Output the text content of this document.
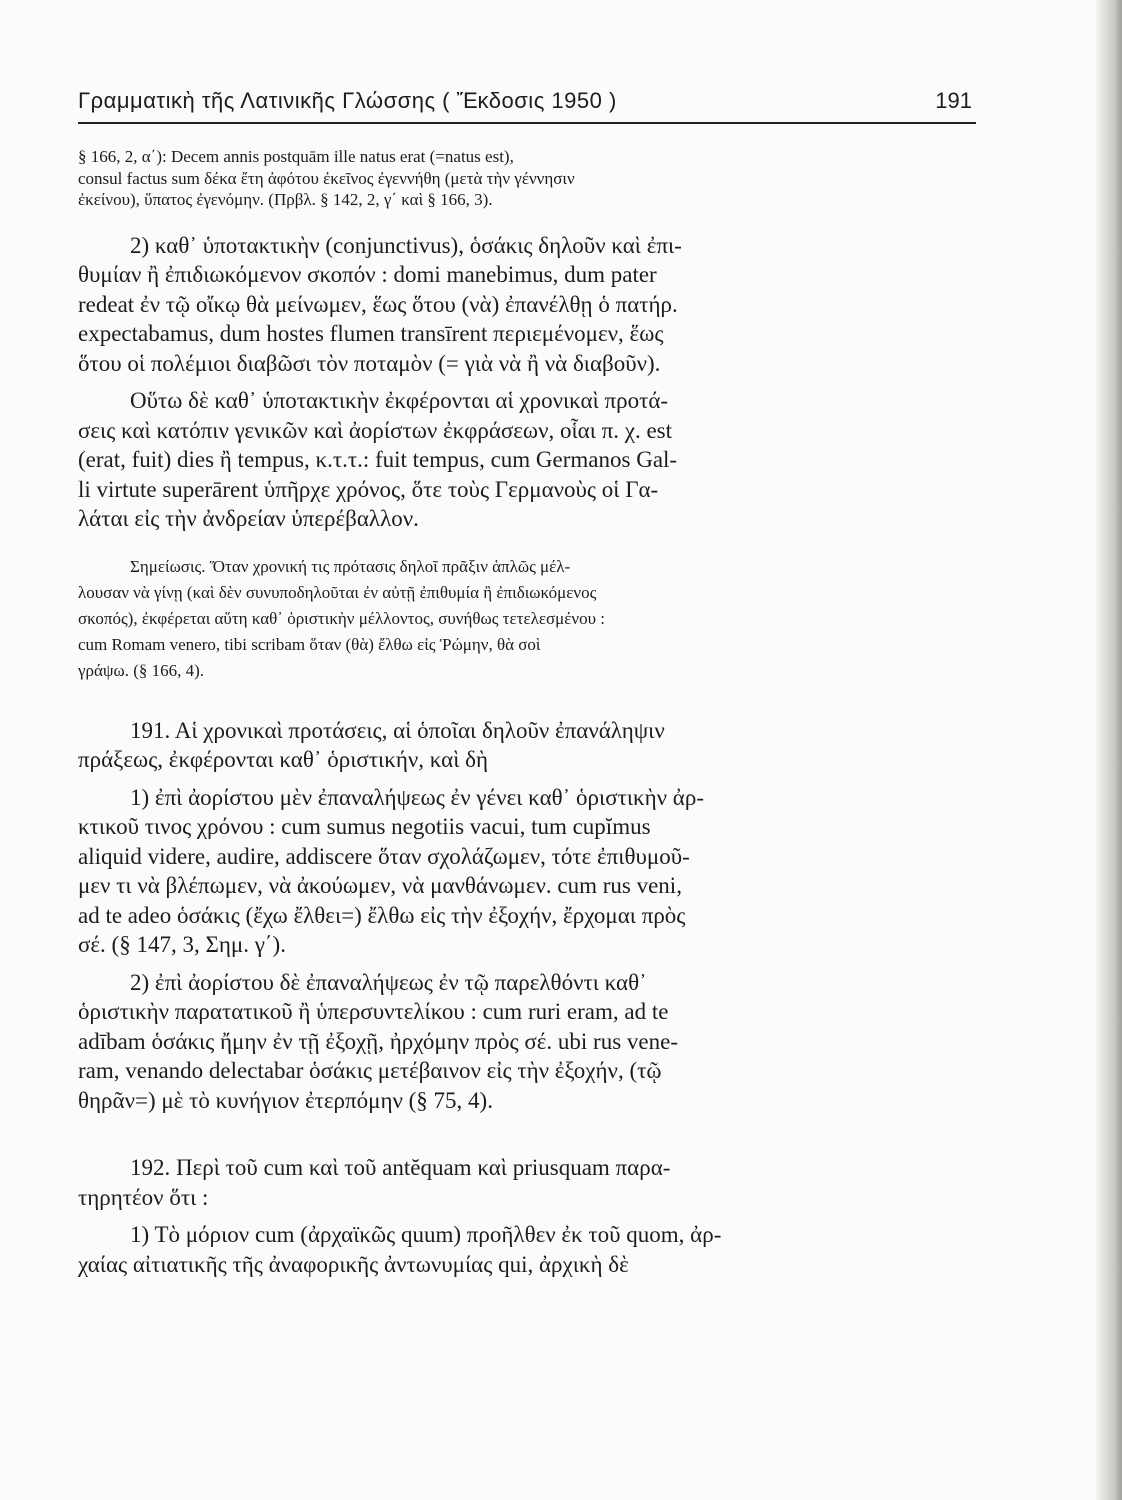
Γραμματικὴ τῆς Λατινικῆς Γλώσσης ( Ἔκδοσις 1950 )	191
§ 166, 2, α΄): Decem annis postquām ille natus erat (=natus est),
consul factus sum δέκα ἔτη ἀφότου ἐκεῖνος ἐγεννήθη (μετὰ τὴν γέννησιν
ἐκείνου), ὕπατος ἐγενόμην. (Πρβλ. § 142, 2, γ΄ καὶ § 166, 3).
2) καθ᾽ ὑποτακτικὴν (conjunctivus), ὁσάκις δηλοῦν καὶ ἐπι-
θυμίαν ἢ ἐπιδιωκόμενον σκοπόν : domi manebimus, dum pater
redeat ἐν τῷ οἴκῳ θὰ μείνωμεν, ἕως ὅτου (νὰ) ἐπανέλθῃ ὁ πατήρ.
expectabamus, dum hostes flumen transīrent περιεμένομεν, ἕως
ὅτου οἱ πολέμιοι διαβῶσι τὸν ποταμὸν (= γιὰ νὰ ἢ νὰ διαβοῦν).
Οὕτω δὲ καθ᾽ ὑποτακτικὴν ἐκφέρονται αἱ χρονικαὶ προτά-
σεις καὶ κατόπιν γενικῶν καὶ ἀορίστων ἐκφράσεων, οἷαι π. χ. est
(erat, fuit) dies ἢ tempus, κ.τ.τ.: fuit tempus, cum Germanos Gal-
li virtute superārent ὑπῆρχε χρόνος, ὅτε τοὺς Γερμανοὺς οἱ Γα-
λάται εἰς τὴν ἀνδρείαν ὑπερέβαλλον.
Σημείωσις. Ὅταν χρονική τις πρότασις δηλοῖ πρᾶξιν ἁπλῶς μέλ-
λουσαν νὰ γίνῃ (καὶ δὲν συνυποδηλοῦται ἐν αὐτῇ ἐπιθυμία ἢ ἐπιδιωκόμενος
σκοπός), ἐκφέρεται αὕτη καθ᾽ ὁριστικὴν μέλλοντος, συνήθως τετελεσμένου :
cum Romam venero, tibi scribam ὅταν (θὰ) ἔλθω εἰς Ῥώμην, θὰ σοὶ
γράψω. (§ 166, 4).
191. Αἱ χρονικαὶ προτάσεις, αἱ ὁποῖαι δηλοῦν ἐπανάληψιν
πράξεως, ἐκφέρονται καθ᾽ ὁριστικήν, καὶ δὴ
1) ἐπὶ ἀορίστου μὲν ἐπαναλήψεως ἐν γένει καθ᾽ ὁριστικὴν ἀρ-
κτικοῦ τινος χρόνου : cum sumus negotiis vacui, tum cupĭmus
aliquid videre, audire, addiscere ὅταν σχολάζωμεν, τότε ἐπιθυμοῦ-
μεν τι νὰ βλέπωμεν, νὰ ἀκούωμεν, νὰ μανθάνωμεν. cum rus veni,
ad te adeo ὁσάκις (ἔχω ἔλθει=) ἔλθω εἰς τὴν ἐξοχήν, ἔρχομαι πρὸς
σέ. (§ 147, 3, Σημ. γ΄).
2) ἐπὶ ἀορίστου δὲ ἐπαναλήψεως ἐν τῷ παρελθόντι καθ᾽
ὁριστικὴν παρατατικοῦ ἢ ὑπερσυντελίκου : cum ruri eram, ad te
adībam ὁσάκις ἤμην ἐν τῇ ἐξοχῇ, ἠρχόμην πρὸς σέ. ubi rus vene-
ram, venando delectabar ὁσάκις μετέβαινον εἰς τὴν ἐξοχήν, (τῷ
θηρᾶν=) μὲ τὸ κυνήγιον ἐτερπόμην (§ 75, 4).
192. Περὶ τοῦ cum καὶ τοῦ antĕquam καὶ priusquam παρα-
τηρητέον ὅτι :
1) Τὸ μόριον cum (ἀρχαϊκῶς quum) προῆλθεν ἐκ τοῦ quom, ἀρ-
χαίας αἰτιατικῆς τῆς ἀναφορικῆς ἀντωνυμίας qui, ἀρχικὴ δὲ
